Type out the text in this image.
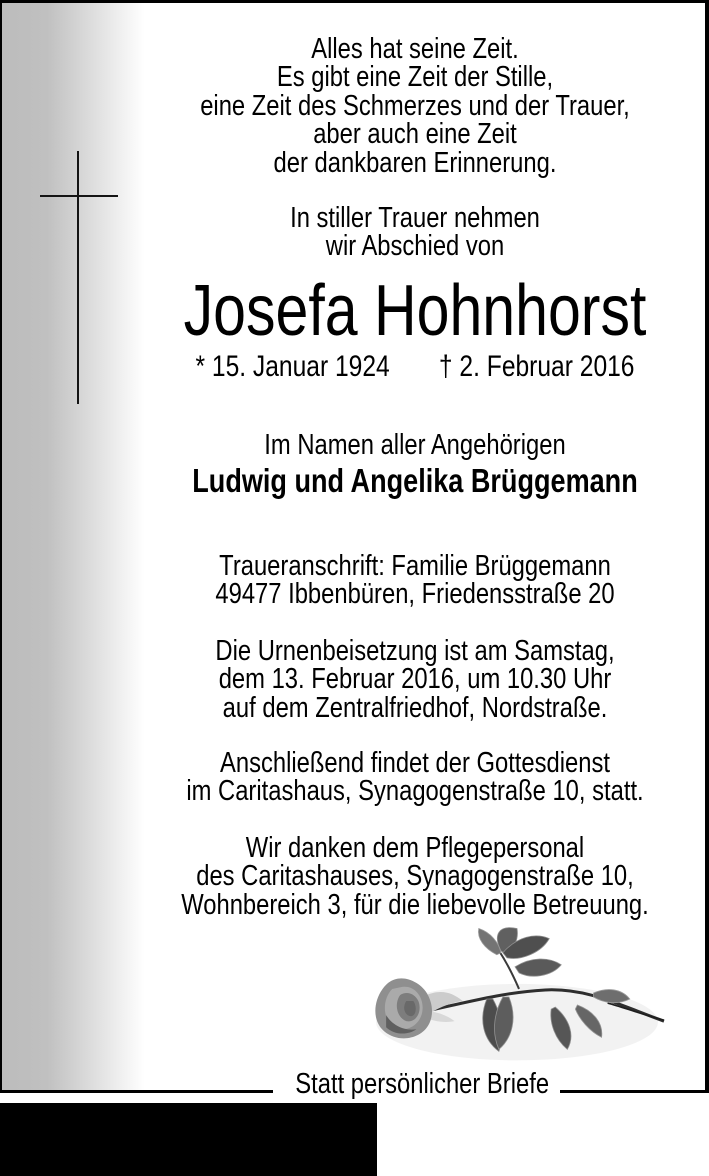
Alles hat seine Zeit.
Es gibt eine Zeit der Stille,
eine Zeit des Schmerzes und der Trauer,
aber auch eine Zeit
der dankbaren Erinnerung.
In stiller Trauer nehmen
wir Abschied von
Josefa Hohnhorst
* 15. Januar 1924 † 2. Februar 2016
Im Namen aller Angehörigen
Ludwig und Angelika Brüggemann
Traueranschrift: Familie Brüggemann
49477 Ibbenbüren, Friedensstraße 20
Die Urnenbeisetzung ist am Samstag,
dem 13. Februar 2016, um 10.30 Uhr
auf dem Zentralfriedhof, Nordstraße.
Anschließend findet der Gottesdienst
im Caritashaus, Synagogenstraße 10, statt.
Wir danken dem Pflegepersonal
des Caritashauses, Synagogenstraße 10,
Wohnbereich 3, für die liebevolle Betreuung.
Statt persönlicher Briefe
